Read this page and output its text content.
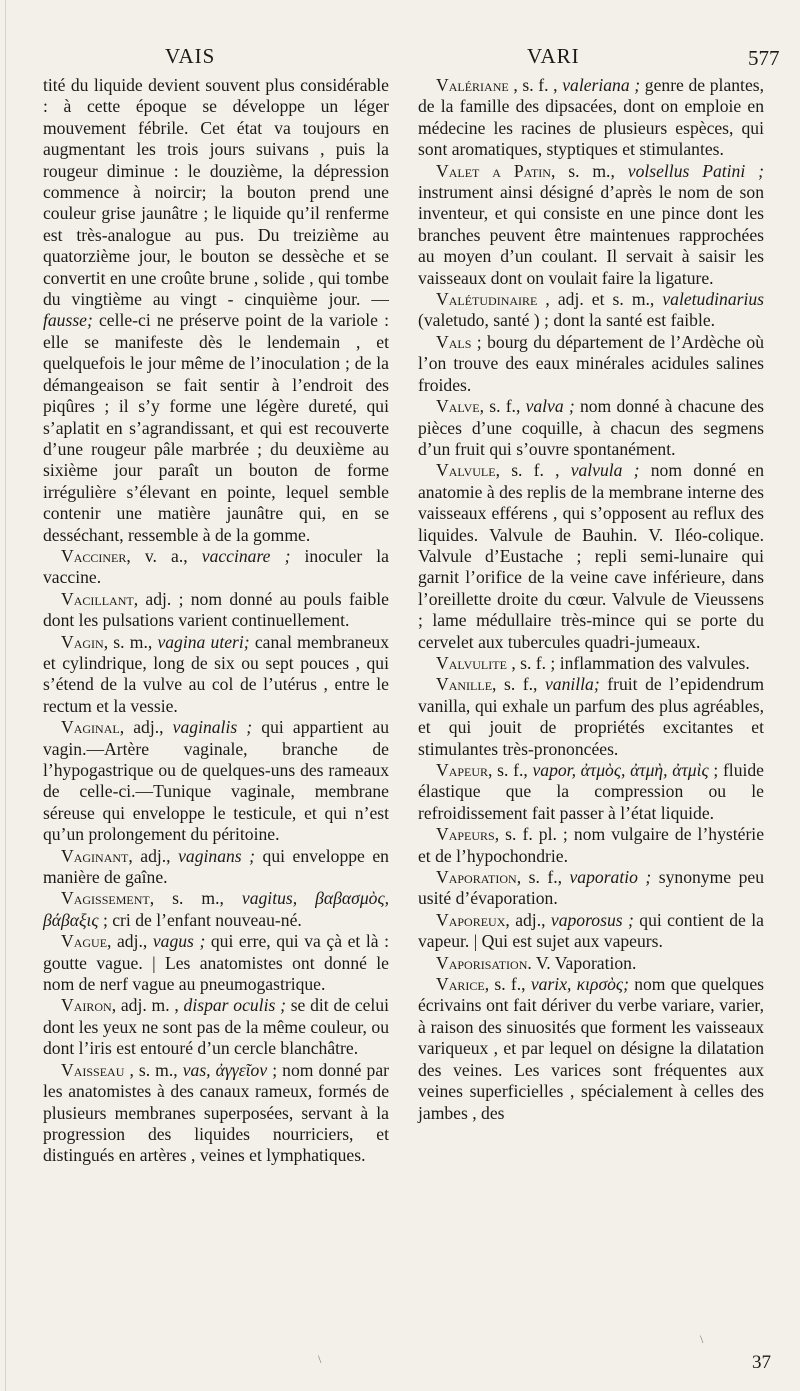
VAIS	VARI	577

tité du liquide devient souvent plus considérable : à cette époque se développe un léger mouvement fébrile. Cet état va toujours en augmentant les trois jours suivans , puis la rougeur diminue : le douzième, la dépression commence à noircir; la bouton prend une couleur grise jaunâtre ; le liquide qu’il renferme est très-analogue au pus. Du treizième au quatorzième jour, le bouton se dessèche et se convertit en une croûte brune , solide , qui tombe du vingtième au vingt - cinquième jour. — fausse; celle-ci ne préserve point de la variole : elle se manifeste dès le lendemain , et quelquefois le jour même de l’inoculation ; de la démangeaison se fait sentir à l’endroit des piqûres ; il s’y forme une légère dureté, qui s’aplatit en s’agrandissant, et qui est recouverte d’une rougeur pâle marbrée ; du deuxième au sixième jour paraît un bouton de forme irrégulière s’élevant en pointe, lequel semble contenir une matière jaunâtre qui, en se desséchant, ressemble à de la gomme.

Vacciner, v. a., vaccinare ; inoculer la vaccine.

Vacillant, adj. ; nom donné au pouls faible dont les pulsations varient continuellement.

Vagin, s. m., vagina uteri; canal membraneux et cylindrique, long de six ou sept pouces , qui s’étend de la vulve au col de l’utérus , entre le rectum et la vessie.

Vaginal, adj., vaginalis ; qui appartient au vagin.—Artère vaginale, branche de l’hypogastrique ou de quelques-uns des rameaux de celle-ci.—Tunique vaginale, membrane séreuse qui enveloppe le testicule, et qui n’est qu’un prolongement du péritoine.

Vaginant, adj., vaginans ; qui enveloppe en manière de gaîne.

Vagissement, s. m., vagitus, βαβασμὸς, βάβαξις ; cri de l’enfant nouveau-né.

Vague, adj., vagus ; qui erre, qui va çà et là : goutte vague. | Les anatomistes ont donné le nom de nerf vague au pneumogastrique.

Vairon, adj. m. , dispar oculis ; se dit de celui dont les yeux ne sont pas de la même couleur, ou dont l’iris est entouré d’un cercle blanchâtre.

Vaisseau , s. m., vas, ἀγγεῖον ; nom donné par les anatomistes à des canaux rameux, formés de plusieurs membranes superposées, servant à la progression des liquides nourriciers, et distingués en artères , veines et lymphatiques.

Valériane , s. f. , valeriana ; genre de plantes, de la famille des dipsacées, dont on emploie en médecine les racines de plusieurs espèces, qui sont aromatiques, styptiques et stimulantes.

Valet a Patin, s. m., volsellus Patini ; instrument ainsi désigné d’après le nom de son inventeur, et qui consiste en une pince dont les branches peuvent être maintenues rapprochées au moyen d’un coulant. Il servait à saisir les vaisseaux dont on voulait faire la ligature.

Valétudinaire , adj. et s. m., valetudinarius (valetudo, santé ) ; dont la santé est faible.

Vals ; bourg du département de l’Ardèche où l’on trouve des eaux minérales acidules salines froides.

Valve, s. f., valva ; nom donné à chacune des pièces d’une coquille, à chacun des segmens d’un fruit qui s’ouvre spontanément.

Valvule, s. f. , valvula ; nom donné en anatomie à des replis de la membrane interne des vaisseaux efférens , qui s’opposent au reflux des liquides. Valvule de Bauhin. V. Iléo-colique. Valvule d’Eustache ; repli semi-lunaire qui garnit l’orifice de la veine cave inférieure, dans l’oreillette droite du cœur. Valvule de Vieussens ; lame médullaire très-mince qui se porte du cervelet aux tubercules quadri-jumeaux.

Valvulite , s. f. ; inflammation des valvules.

Vanille, s. f., vanilla; fruit de l’epidendrum vanilla, qui exhale un parfum des plus agréables, et qui jouit de propriétés excitantes et stimulantes très-prononcées.

Vapeur, s. f., vapor, ἀτμὸς, ἀτμὴ, ἀτμὶς ; fluide élastique que la compression ou le refroidissement fait passer à l’état liquide.

Vapeurs, s. f. pl. ; nom vulgaire de l’hystérie et de l’hypochondrie.

Vaporation, s. f., vaporatio ; synonyme peu usité d’évaporation.

Vaporeux, adj., vaporosus ; qui contient de la vapeur. | Qui est sujet aux vapeurs.

Vaporisation. V. Vaporation.

Varice, s. f., varix, κιρσὸς; nom que quelques écrivains ont fait dériver du verbe variare, varier, à raison des sinuosités que forment les vaisseaux variqueux , et par lequel on désigne la dilatation des veines. Les varices sont fréquentes aux veines superficielles , spécialement à celles des jambes , des

\
\
37
